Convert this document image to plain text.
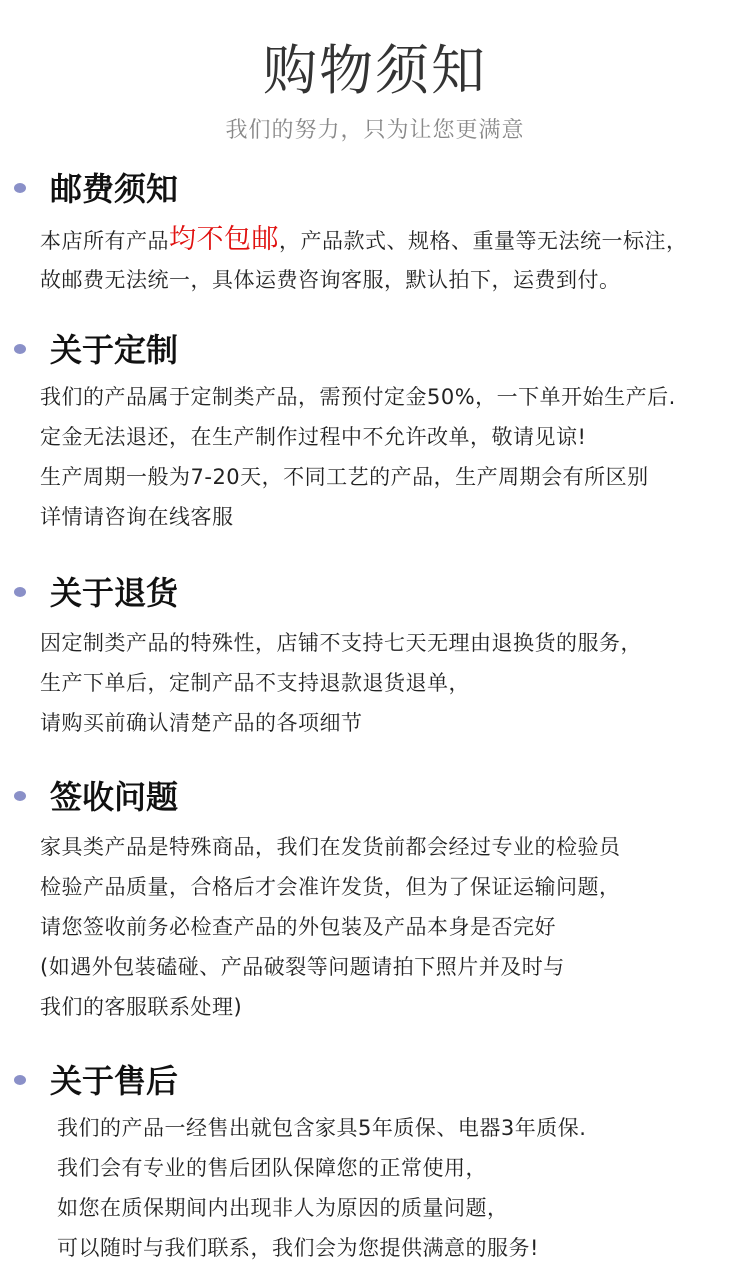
购物须知
我们的努力，只为让您更满意
邮费须知
本店所有产品均不包邮，产品款式、规格、重量等无法统一标注，
故邮费无法统一，具体运费咨询客服，默认拍下，运费到付。
关于定制
我们的产品属于定制类产品，需预付定金50%，一下单开始生产后.
定金无法退还，在生产制作过程中不允许改单，敬请见谅!
生产周期一般为7-20天，不同工艺的产品，生产周期会有所区别
详情请咨询在线客服
关于退货
因定制类产品的特殊性，店铺不支持七天无理由退换货的服务，
生产下单后，定制产品不支持退款退货退单，
请购买前确认清楚产品的各项细节
签收问题
家具类产品是特殊商品，我们在发货前都会经过专业的检验员
检验产品质量，合格后才会准许发货，但为了保证运输问题，
请您签收前务必检查产品的外包装及产品本身是否完好
(如遇外包装磕碰、产品破裂等问题请拍下照片并及时与
我们的客服联系处理)
关于售后
我们的产品一经售出就包含家具5年质保、电器3年质保.
我们会有专业的售后团队保障您的正常使用，
如您在质保期间内出现非人为原因的质量问题，
可以随时与我们联系，我们会为您提供满意的服务!
